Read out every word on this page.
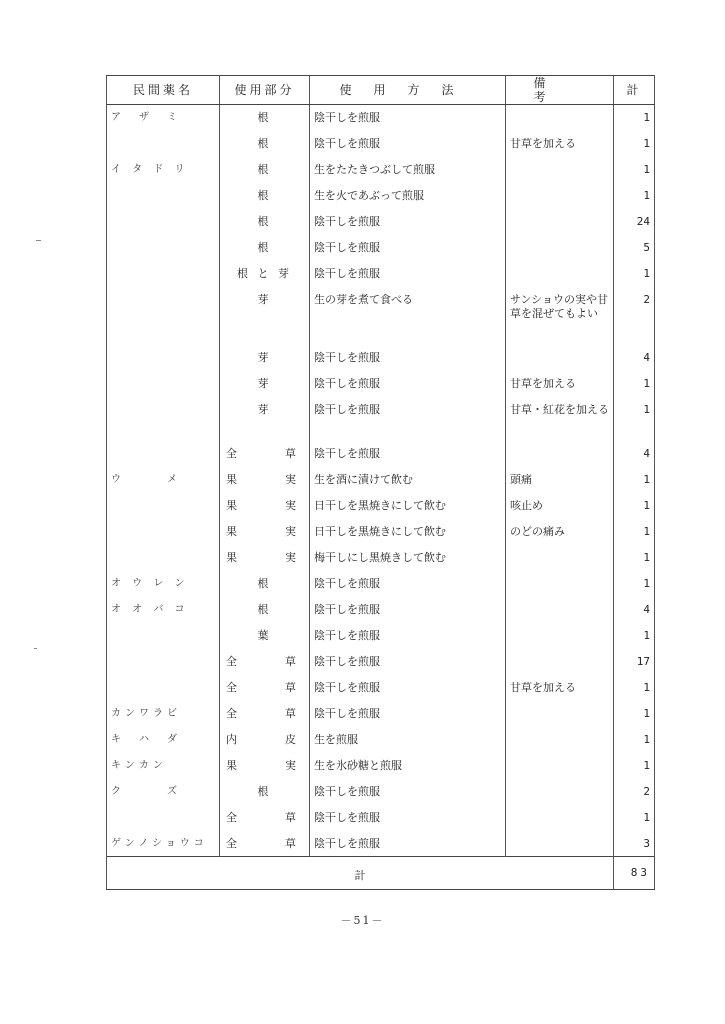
民間薬名	使用部分	使用方法	備考	計
ア　ザ　ミ	根	陰干しを煎服		1
	根	陰干しを煎服	甘草を加える	1
イ タ ド リ	根	生をたたきつぶして煎服		1
	根	生を火であぶって煎服		1
	根	陰干しを煎服		24
	根	陰干しを煎服		5
	根 と 芽	陰干しを煎服		1
	芽	生の芽を煮て食べる	サンショウの実や甘草を混ぜてもよい	2
	芽	陰干しを煎服		4
	芽	陰干しを煎服	甘草を加える	1
	芽	陰干しを煎服	甘草・紅花を加える	1
	全草	陰干しを煎服		4
ウ　　　メ	果実	生を酒に漬けて飲む	頭痛	1
	果実	日干しを黒焼きにして飲む	咳止め	1
	果実	日干しを黒焼きにして飲む	のどの痛み	1
	果実	梅干しにし黒焼きして飲む		1
オ ウ レ ン	根	陰干しを煎服		1
オ オ バ コ	根	陰干しを煎服		4
	葉	陰干しを煎服		1
	全草	陰干しを煎服		17
	全草	陰干しを煎服	甘草を加える	1
カンワラビ	全草	陰干しを煎服		1
キ　ハ　ダ	内皮	生を煎服		1
キンカン	果実	生を氷砂糖と煎服		1
ク　　　ズ	根	陰干しを煎服		2
	全草	陰干しを煎服		1
ゲンノショウコ	全草	陰干しを煎服		3
計				83
－51－
